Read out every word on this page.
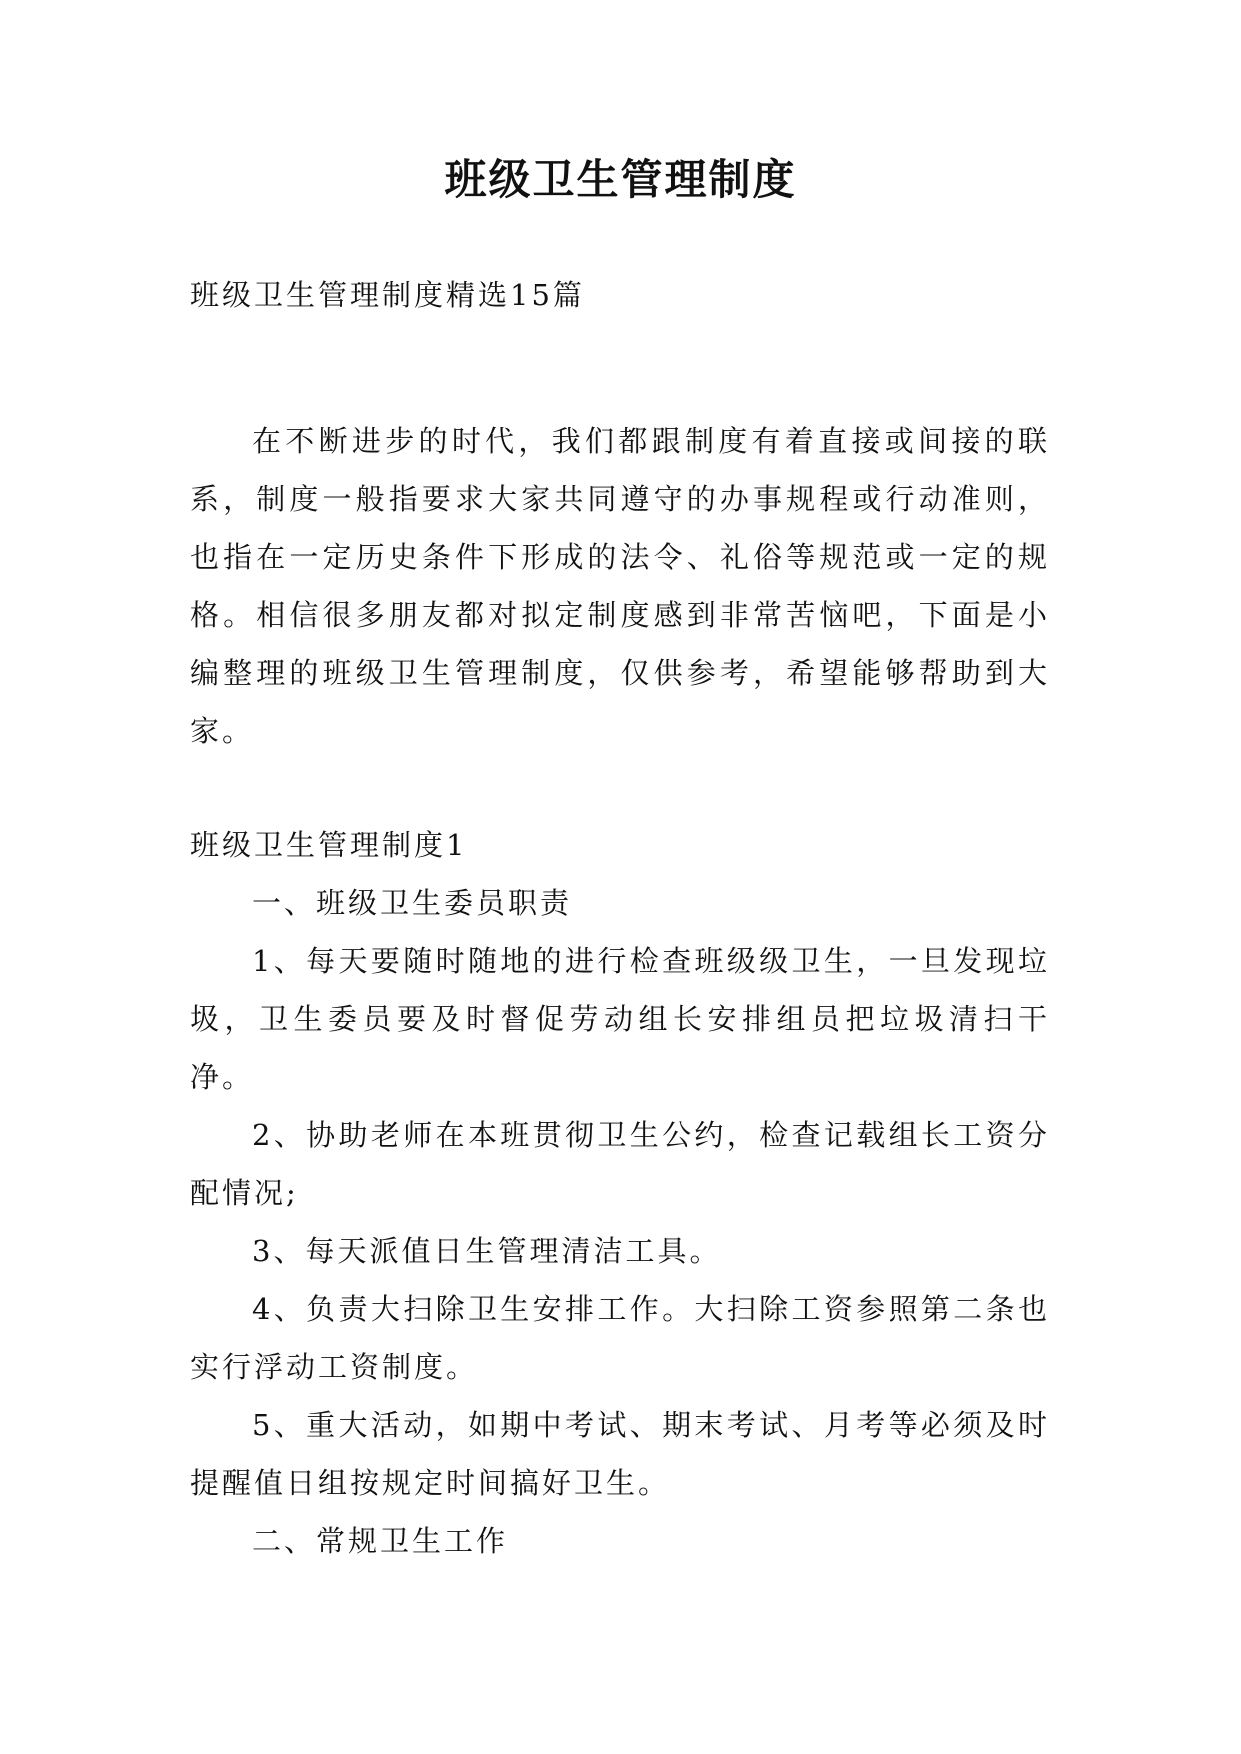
班级卫生管理制度

班级卫生管理制度精选15篇

在不断进步的时代，我们都跟制度有着直接或间接的联系，制度一般指要求大家共同遵守的办事规程或行动准则，也指在一定历史条件下形成的法令、礼俗等规范或一定的规格。相信很多朋友都对拟定制度感到非常苦恼吧，下面是小编整理的班级卫生管理制度，仅供参考，希望能够帮助到大家。

班级卫生管理制度1

一、班级卫生委员职责

1、每天要随时随地的进行检查班级级卫生，一旦发现垃圾，卫生委员要及时督促劳动组长安排组员把垃圾清扫干净。

2、协助老师在本班贯彻卫生公约，检查记载组长工资分配情况;

3、每天派值日生管理清洁工具。

4、负责大扫除卫生安排工作。大扫除工资参照第二条也实行浮动工资制度。

5、重大活动，如期中考试、期末考试、月考等必须及时提醒值日组按规定时间搞好卫生。

二、常规卫生工作
